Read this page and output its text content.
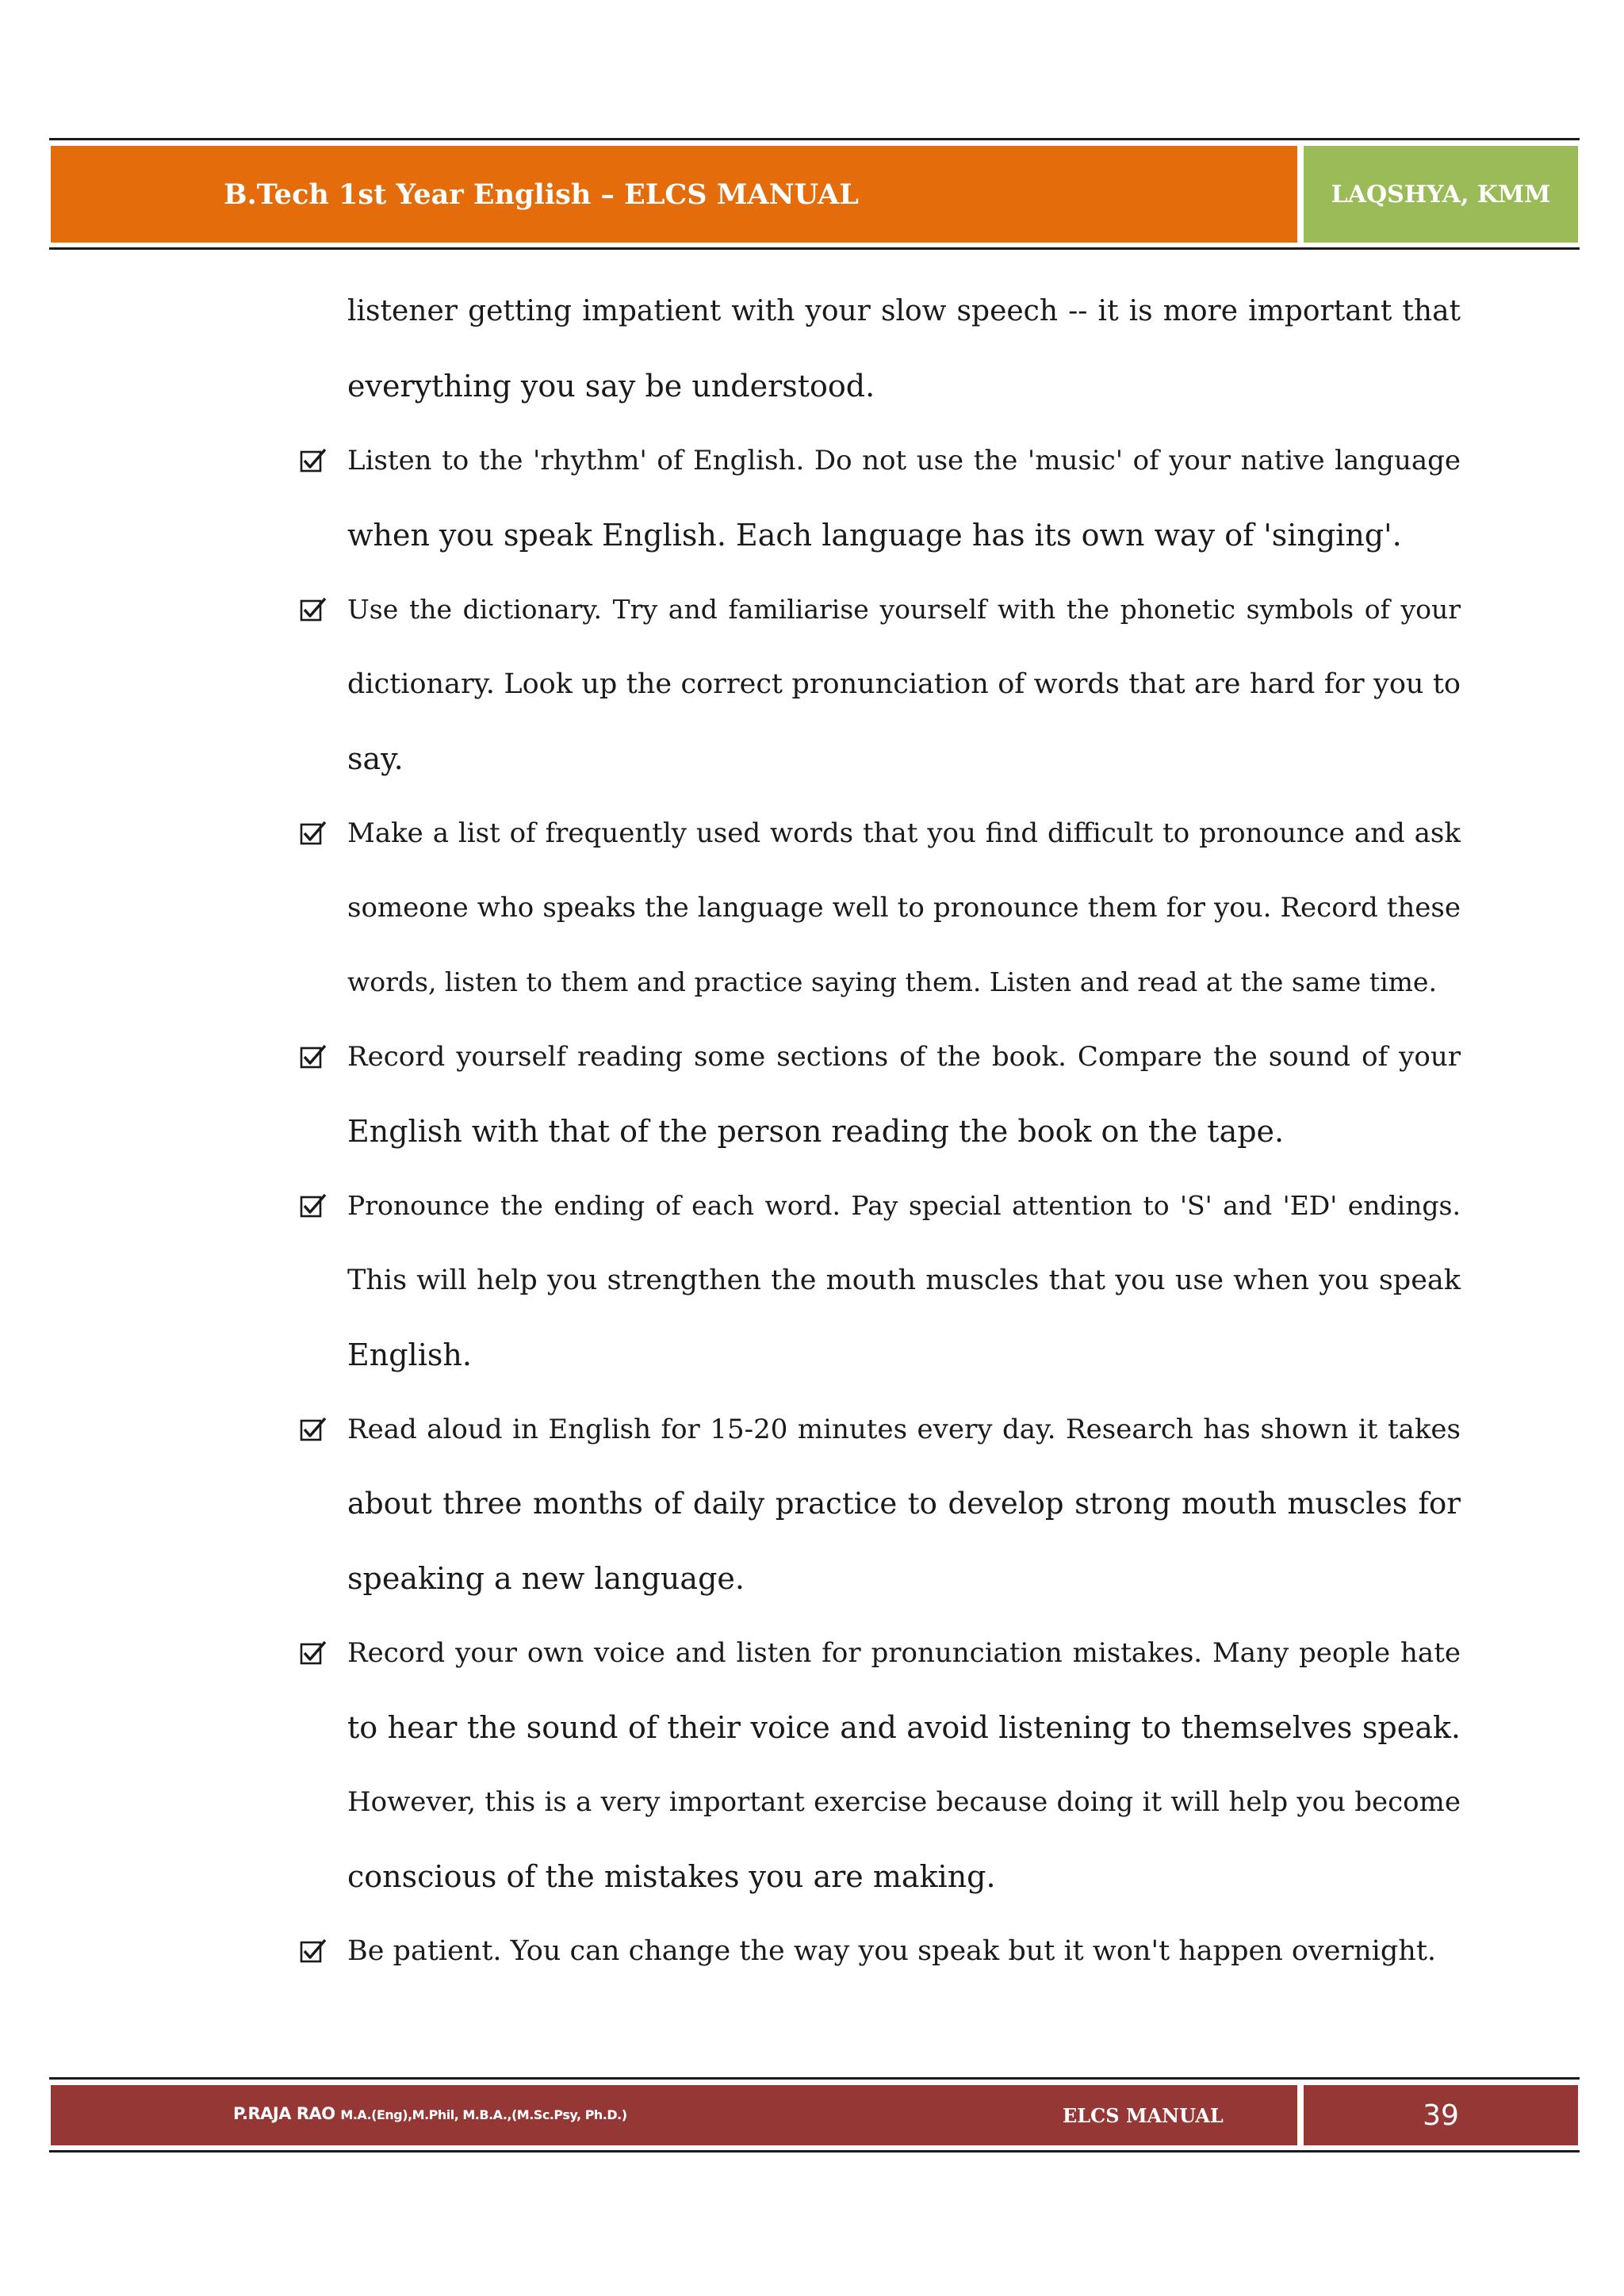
B.Tech 1st Year English – ELCS MANUAL	LAQSHYA, KMM
listener getting impatient with your slow speech -- it is more important that
everything you say be understood.
Listen to the 'rhythm' of English. Do not use the 'music' of your native language
when you speak English. Each language has its own way of 'singing'.
Use the dictionary. Try and familiarise yourself with the phonetic symbols of your
dictionary. Look up the correct pronunciation of words that are hard for you to
say.
Make a list of frequently used words that you find difficult to pronounce and ask
someone who speaks the language well to pronounce them for you. Record these
words, listen to them and practice saying them. Listen and read at the same time.
Record yourself reading some sections of the book. Compare the sound of your
English with that of the person reading the book on the tape.
Pronounce the ending of each word. Pay special attention to 'S' and 'ED' endings.
This will help you strengthen the mouth muscles that you use when you speak
English.
Read aloud in English for 15-20 minutes every day. Research has shown it takes
about three months of daily practice to develop strong mouth muscles for
speaking a new language.
Record your own voice and listen for pronunciation mistakes. Many people hate
to hear the sound of their voice and avoid listening to themselves speak.
However, this is a very important exercise because doing it will help you become
conscious of the mistakes you are making.
Be patient. You can change the way you speak but it won't happen overnight.
P.RAJA RAO M.A.(Eng),M.Phil, M.B.A.,(M.Sc.Psy, Ph.D.)	ELCS MANUAL	39
